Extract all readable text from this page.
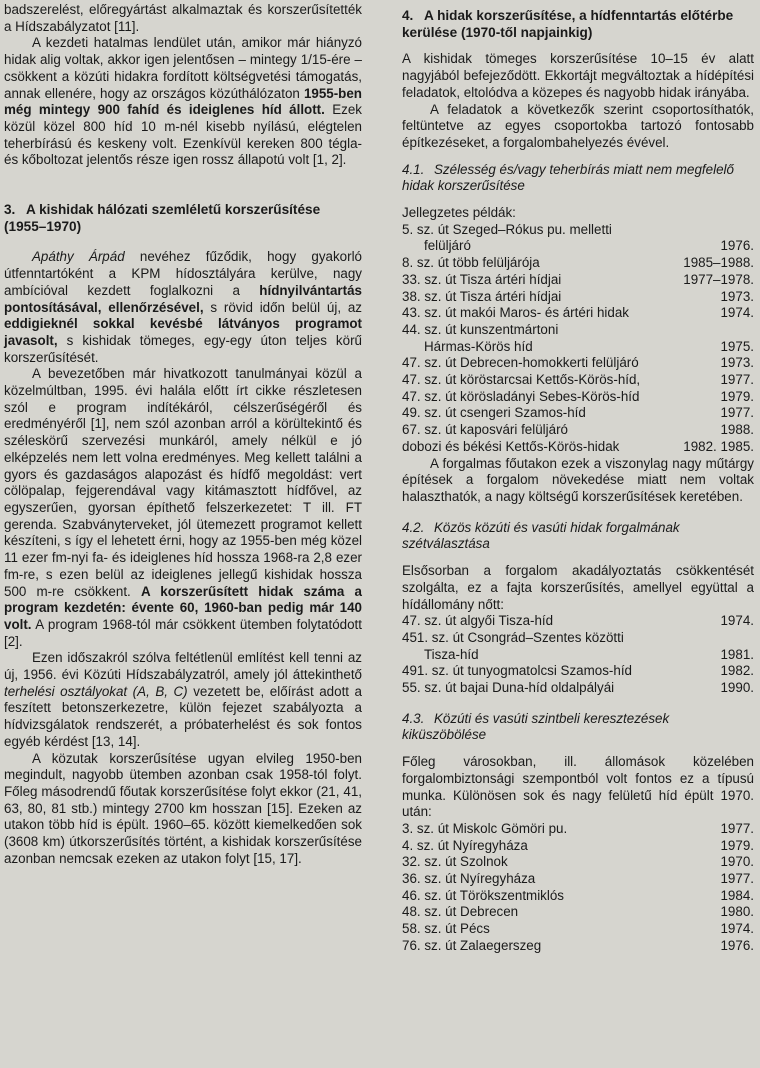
badszerelést, előregyártást alkalmaztak és korszerűsítették a Hídszabályzatot [11].

A kezdeti hatalmas lendület után, amikor már hiányzó hidak alig voltak, akkor igen jelentősen – mintegy 1/15-ére – csökkent a közúti hidakra fordított költségvetési támogatás, annak ellenére, hogy az országos közúthálózaton 1955-ben még mintegy 900 fahíd és ideiglenes híd állott. Ezek közül közel 800 híd 10 m-nél kisebb nyílású, elégtelen teherbírású és keskeny volt. Ezenkívül kereken 800 tégla- és kőboltozat jelentős része igen rossz állapotú volt [1, 2].

3. A kishidak hálózati szemléletű korszerűsítése (1955–1970)

Apáthy Árpád nevéhez fűződik, hogy gyakorló útfenntartóként a KPM hídosztályára kerülve, nagy ambícióval kezdett foglalkozni a hídnyilvántartás pontosításával, ellenőrzésével, s rövid időn belül új, az eddigieknél sokkal kevésbé látványos programot javasolt, s kishidak tömeges, egy-egy úton teljes körű korszerűsítését.

A bevezetőben már hivatkozott tanulmányai közül a közelmúltban, 1995. évi halála előtt írt cikke részletesen szól e program indítékáról, célszerűségéről és eredményéről [1], nem szól azonban arról a körültekintő és széleskörű szervezési munkáról, amely nélkül e jó elképzelés nem lett volna eredményes. Meg kellett találni a gyors és gazdaságos alapozást és hídfő megoldást: vert cölöpalap, fejgerendával vagy kitámasztott hídfővel, az egyszerűen, gyorsan építhető felszerkezetet: T ill. FT gerenda. Szabványterveket, jól ütemezett programot kellett készíteni, s így el lehetett érni, hogy az 1955-ben még közel 11 ezer fm-nyi fa- és ideiglenes híd hossza 1968-ra 2,8 ezer fm-re, s ezen belül az ideiglenes jellegű kishidak hossza 500 m-re csökkent. A korszerűsített hidak száma a program kezdetén: évente 60, 1960-ban pedig már 140 volt. A program 1968-tól már csökkent ütemben folytatódott [2].

Ezen időszakról szólva feltétlenül említést kell tenni az új, 1956. évi Közúti Hídszabályzatról, amely jól áttekinthető terhelési osztályokat (A, B, C) vezetett be, előírást adott a feszített betonszerkezetre, külön fejezet szabályozta a hídvizsgálatok rendszerét, a próbaterhelést és sok fontos egyéb kérdést [13, 14].

A közutak korszerűsítése ugyan elvileg 1950-ben megindult, nagyobb ütemben azonban csak 1958-tól folyt. Főleg másodrendű főutak korszerűsítése folyt ekkor (21, 41, 63, 80, 81 stb.) mintegy 2700 km hosszan [15]. Ezeken az utakon több híd is épült. 1960–65. között kiemelkedően sok (3608 km) útkorszerűsítés történt, a kishidak korszerűsítése azonban nemcsak ezeken az utakon folyt [15, 17].

4. A hidak korszerűsítése, a hídfenntartás előtérbe kerülése (1970-től napjainkig)

A kishidak tömeges korszerűsítése 10–15 év alatt nagyjából befejeződött. Ekkortájt megváltoztak a hídépítési feladatok, eltolódva a közepes és nagyobb hidak irányába.

A feladatok a következők szerint csoportosíthatók, feltüntetve az egyes csoportokba tartozó fontosabb építkezéseket, a forgalombahelyezés évével.

4.1. Szélesség és/vagy teherbírás miatt nem megfelelő hidak korszerűsítése

Jellegzetes példák:

5. sz. út Szeged–Rókus pu. melletti
felüljáró	1976.
8. sz. út több felüljárója	1985–1988.
33. sz. út Tisza ártéri hídjai	1977–1978.
38. sz. út Tisza ártéri hídjai	1973.
43. sz. út makói Maros- és ártéri hidak	1974.
44. sz. út kunszentmártoni
Hármas-Körös híd	1975.
47. sz. út Debrecen-homokkerti felüljáró	1973.
47. sz. út köröstarcsai Kettős-Körös-híd,	1977.
47. sz. út körösladányi Sebes-Körös-híd	1979.
49. sz. út csengeri Szamos-híd	1977.
67. sz. út kaposvári felüljáró	1988.
dobozi és békési Kettős-Körös-hidak	1982. 1985.

A forgalmas főutakon ezek a viszonylag nagy műtárgy építések a forgalom növekedése miatt nem voltak halaszthatók, a nagy költségű korszerűsítések keretében.

4.2. Közös közúti és vasúti hidak forgalmának szétválasztása

Elsősorban a forgalom akadályoztatás csökkentését szolgálta, ez a fajta korszerűsítés, amellyel együttal a hídállomány nőtt:

47. sz. út algyői Tisza-híd	1974.
451. sz. út Csongrád–Szentes közötti
Tisza-híd	1981.
491. sz. út tunyogmatolcsi Szamos-híd	1982.
55. sz. út bajai Duna-híd oldalpályái	1990.
4.3. Közúti és vasúti szintbeli keresztezések kiküszöbölése

Főleg városokban, ill. állomások közelében forgalombiztonsági szempontból volt fontos ez a típusú munka. Különösen sok és nagy felületű híd épült 1970. után:

3. sz. út Miskolc Gömöri pu.	1977.
4. sz. út Nyíregyháza	1979.
32. sz. út Szolnok	1970.
36. sz. út Nyíregyháza	1977.
46. sz. út Törökszentmiklós	1984.
48. sz. út Debrecen	1980.
58. sz. út Pécs	1974.
76. sz. út Zalaegerszeg	1976.
